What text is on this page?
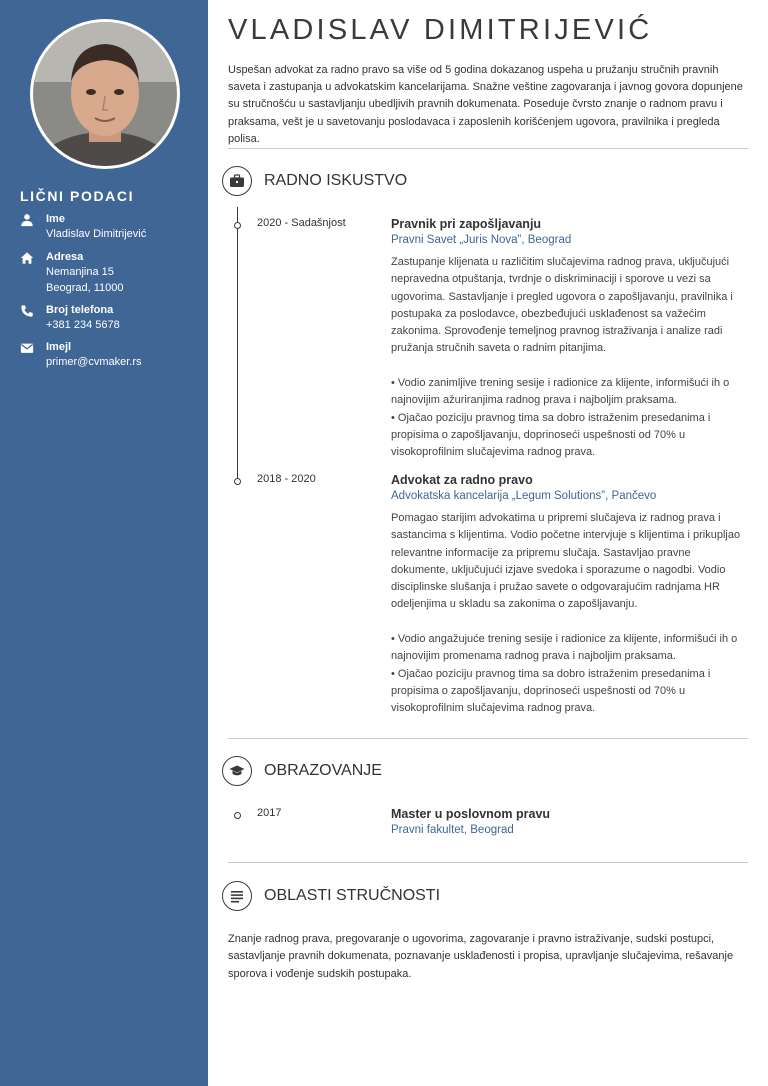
LIČNI PODACI
Ime
Vladislav Dimitrijević
Adresa
Nemanjina 15
Beograd, 11000
Broj telefona
+381 234 5678
Imejl
primer@cvmaker.rs
VLADISLAV DIMITRIJEVIĆ
Uspešan advokat za radno pravo sa više od 5 godina dokazanog uspeha u pružanju stručnih pravnih saveta i zastupanja u advokatskim kancelarijama. Snažne veštine zagovaranja i javnog govora dopunjene su stručnošću u sastavljanju ubedljivih pravnih dokumenata. Poseduje čvrsto znanje o radnom pravu i praksama, vešt je u savetovanju poslodavaca i zaposlenih korišćenjem ugovora, pravilnika i pregleda polisa.
RADNO ISKUSTVO
OBRAZOVANJE
OBLASTI STRUČNOSTI
2020 - Sadašnjost	Pravnik pri zapošljavanju
Pravni Savet „Juris Nova”, Beograd
Zastupanje klijenata u različitim slučajevima radnog prava, uključujući nepravedna otpuštanja, tvrdnje o diskriminaciji i sporove u vezi sa ugovorima. Sastavljanje i pregled ugovora o zapošljavanju, pravilnika i postupaka za poslodavce, obezbeđujući usklađenost sa važećim zakonima. Sprovođenje temeljnog pravnog istraživanja i analize radi pružanja stručnih saveta o radnim pitanjima.
• Vodio zanimljive trening sesije i radionice za klijente, informišući ih o najnovijim ažuriranjima radnog prava i najboljim praksama.
• Ojačao poziciju pravnog tima sa dobro istraženim presedanima i propisima o zapošljavanju, doprinoseći uspešnosti od 70% u visokoprofilnim slučajevima radnog prava.
2018 - 2020	Advokat za radno pravo
Advokatska kancelarija „Legum Solutions”, Pančevo
Pomagao starijim advokatima u pripremi slučajeva iz radnog prava i sastancima s klijentima. Vodio početne intervjuje s klijentima i prikupljao relevantne informacije za pripremu slučaja. Sastavljao pravne dokumente, uključujući izjave svedoka i sporazume o nagodbi. Vodio disciplinske slušanja i pružao savete o odgovarajućim radnjama HR odeljenjima u skladu sa zakonima o zapošljavanju.
• Vodio angažujuće trening sesije i radionice za klijente, informišući ih o najnovijim promenama radnog prava i najboljim praksama.
• Ojačao poziciju pravnog tima sa dobro istraženim presedanima i propisima o zapošljavanju, doprinoseći uspešnosti od 70% u visokoprofilnim slučajevima radnog prava.
2017	Master u poslovnom pravu
Pravni fakultet, Beograd
Znanje radnog prava, pregovaranje o ugovorima, zagovaranje i pravno istraživanje, sudski postupci, sastavljanje pravnih dokumenata, poznavanje usklađenosti i propisa, upravljanje slučajevima, rešavanje sporova i vođenje sudskih postupaka.
